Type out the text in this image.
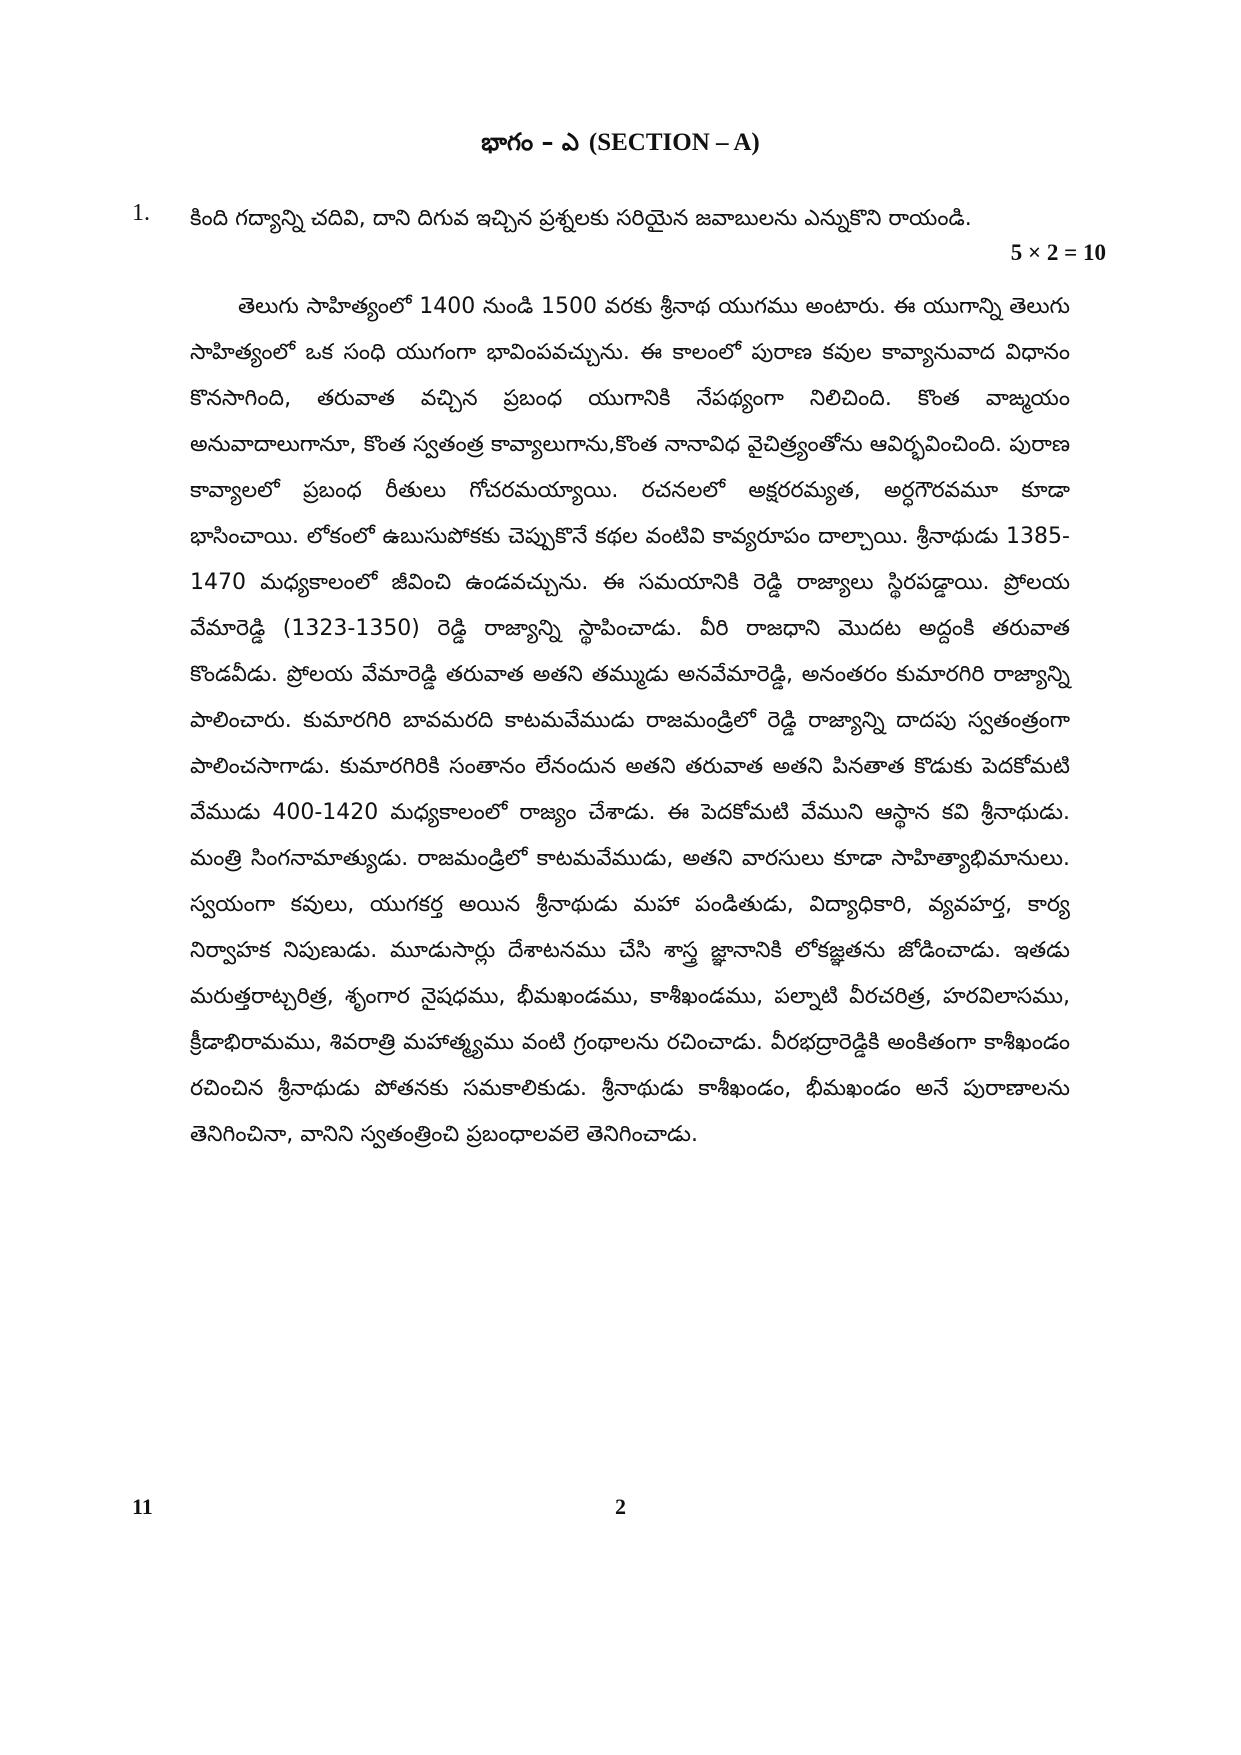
భాగం – ఎ (SECTION – A)
1. కింది గద్యాన్ని చదివి, దాని దిగువ ఇచ్చిన ప్రశ్నలకు సరియైన జవాబులను ఎన్నుకొని రాయండి.
5 × 2 = 10

తెలుగు సాహిత్యంలో 1400 నుండి 1500 వరకు శ్రీనాథ యుగము అంటారు. ఈ యుగాన్ని తెలుగు సాహిత్యంలో ఒక సంధి యుగంగా భావింపవచ్చును. ఈ కాలంలో పురాణ కవుల కావ్యానువాద విధానం కొనసాగింది, తరువాత వచ్చిన ప్రబంధ యుగానికి నేపథ్యంగా నిలిచింది. కొంత వాఙ్మయం అనువాదాలుగానూ, కొంత స్వతంత్ర కావ్యాలుగాను,కొంత నానావిధ వైచిత్ర్యంతోను ఆవిర్భవించింది. పురాణ కావ్యాలలో ప్రబంధ రీతులు గోచరమయ్యాయి. రచనలలో అక్షరరమ్యత, అర్ధగౌరవమూ కూడా భాసించాయి. లోకంలో ఉబుసుపోకకు చెప్పుకొనే కథల వంటివి కావ్యరూపం దాల్చాయి. శ్రీనాథుడు 1385-1470 మధ్యకాలంలో జీవించి ఉండవచ్చును. ఈ సమయానికి రెడ్డి రాజ్యాలు స్థిరపడ్డాయి. ప్రోలయ వేమారెడ్డి (1323-1350) రెడ్డి రాజ్యాన్ని స్థాపించాడు. వీరి రాజధాని మొదట అద్దంకి తరువాత కొండవీడు. ప్రోలయ వేమారెడ్డి తరువాత అతని తమ్ముడు అనవేమారెడ్డి, అనంతరం కుమారగిరి రాజ్యాన్ని పాలించారు. కుమారగిరి బావమరది కాటమవేముడు రాజమండ్రిలో రెడ్డి రాజ్యాన్ని దాదపు స్వతంత్రంగా పాలించసాగాడు. కుమారగిరికి సంతానం లేనందున అతని తరువాత అతని పినతాత కొడుకు పెదకోమటి వేముడు 400-1420 మధ్యకాలంలో రాజ్యం చేశాడు. ఈ పెదకోమటి వేముని ఆస్థాన కవి శ్రీనాథుడు. మంత్రి సింగనామాత్యుడు. రాజమండ్రిలో కాటమవేముడు, అతని వారసులు కూడా సాహిత్యాభిమానులు. స్వయంగా కవులు, యుగకర్త అయిన శ్రీనాథుడు మహా పండితుడు, విద్యాధికారి, వ్యవహర్త, కార్య నిర్వాహక నిపుణుడు. మూడుసార్లు దేశాటనము చేసి శాస్త్ర జ్ఞానానికి లోకజ్ఞతను జోడించాడు. ఇతడు మరుత్తరాట్చరిత్ర, శృంగార నైషధము, భీమఖండము, కాశీఖండము, పల్నాటి వీరచరిత్ర, హరవిలాసము, క్రీడాభిరామము, శివరాత్రి మహాత్మ్యము వంటి గ్రంథాలను రచించాడు. వీరభద్రారెడ్డికి అంకితంగా కాశీఖండం రచించిన శ్రీనాథుడు పోతనకు సమకాలికుడు. శ్రీనాథుడు కాశీఖండం, భీమఖండం అనే పురాణాలను తెనిగించినా, వానిని స్వతంత్రించి ప్రబంధాలవలె తెనిగించాడు.

11	2
